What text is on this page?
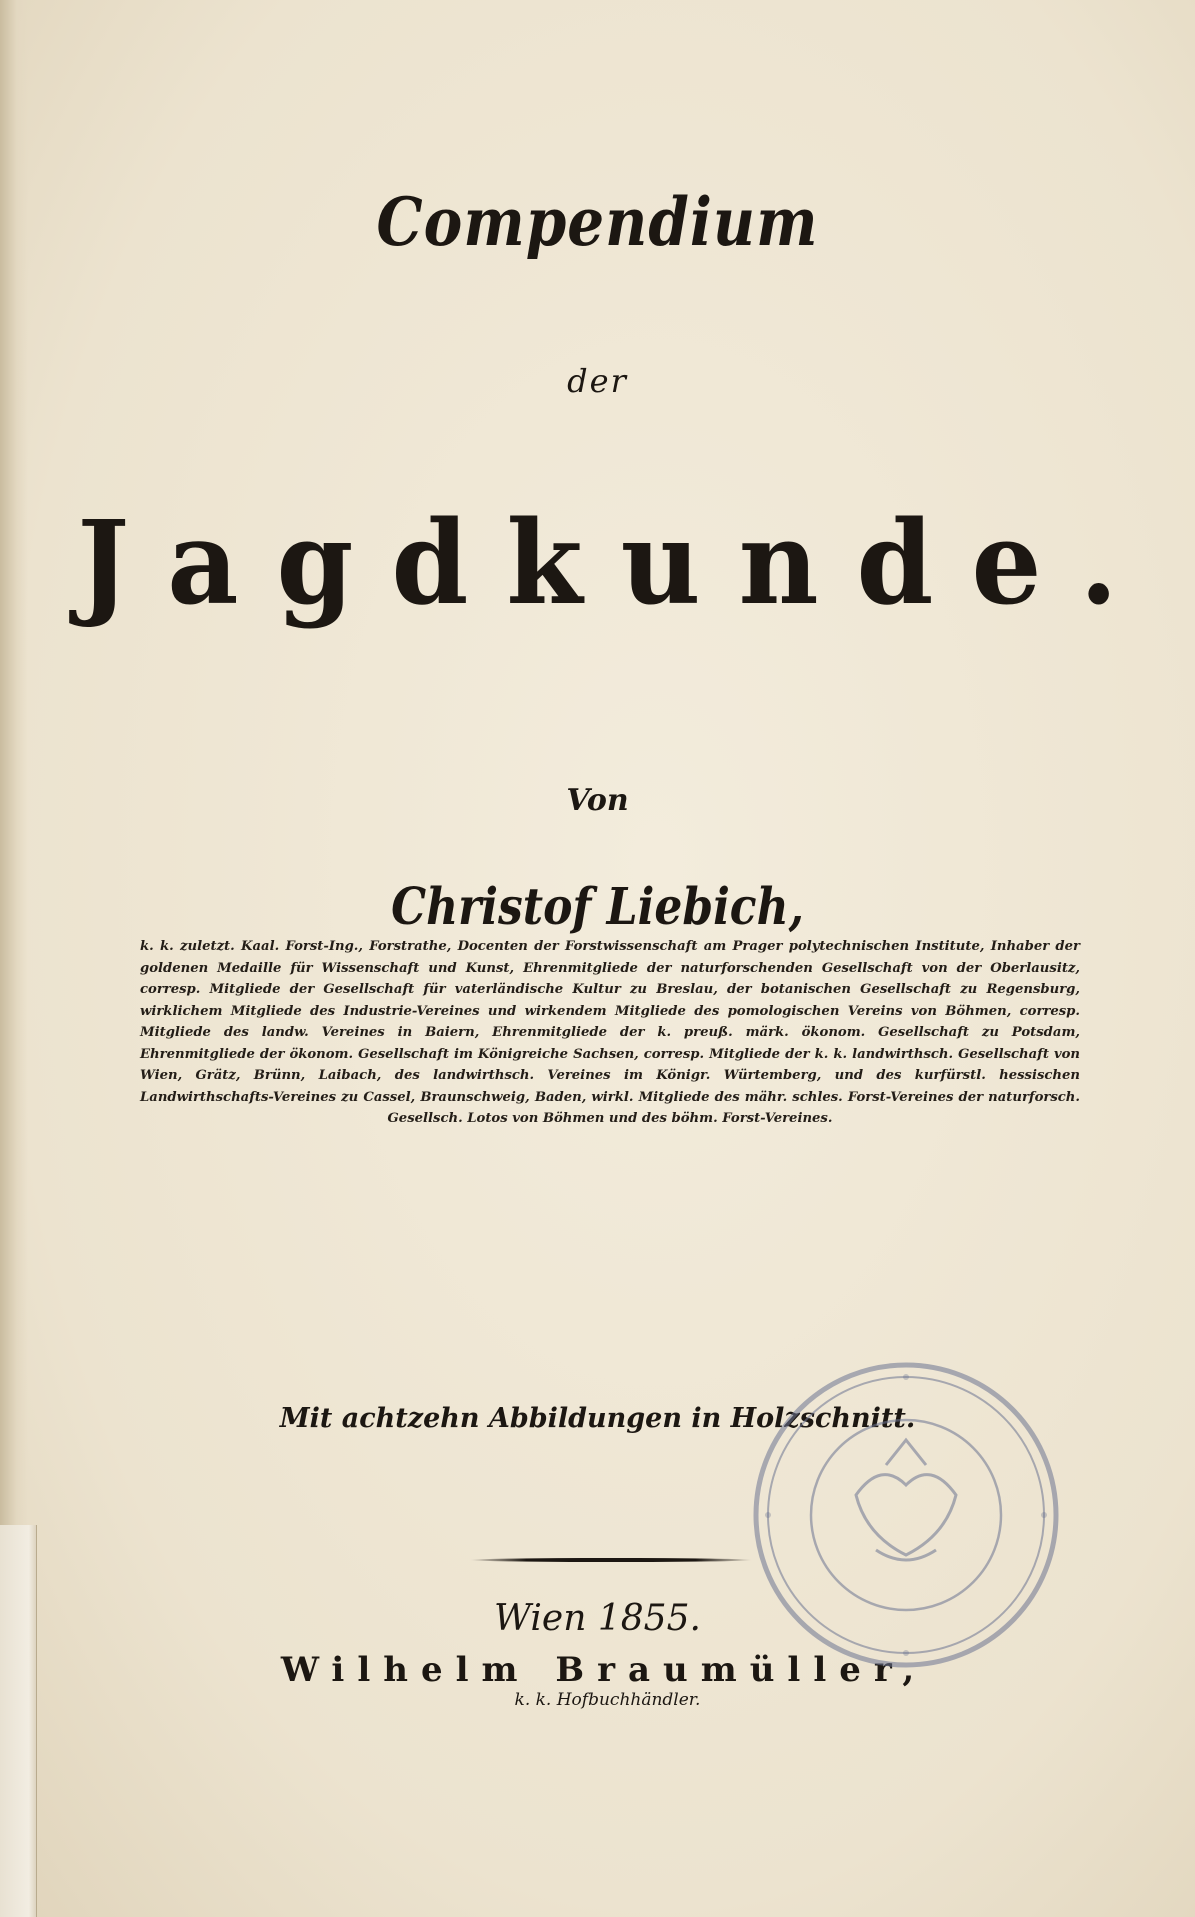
Compendium
der
Jagdkunde.
Von
Christof Liebich,
k. k. zuletzt. Kaal. Forst-Ing., Forstrathe, Docenten der Forstwissenschaft am Prager polytechnischen Institute, Inhaber der goldenen Medaille für Wissenschaft und Kunst, Ehrenmitgliede der naturforschenden Gesellschaft von der Oberlausitz, corresp. Mitgliede der Gesellschaft für vaterländische Kultur zu Breslau, der botanischen Gesellschaft zu Regensburg, wirklichem Mitgliede des Industrie-Vereines und wirkendem Mitgliede des pomologischen Vereins von Böhmen, corresp. Mitgliede des landw. Vereines in Baiern, Ehrenmitgliede der k. preuß. märk. ökonom. Gesellschaft zu Potsdam, Ehrenmitgliede der ökonom. Gesellschaft im Königreiche Sachsen, corresp. Mitgliede der k. k. landwirthsch. Gesellschaft von Wien, Grätz, Brünn, Laibach, des landwirthsch. Vereines im Königr. Würtemberg, und des kurfürstl. hessischen Landwirthschafts-Vereines zu Cassel, Braunschweig, Baden, wirkl. Mitgliede des mähr. schles. Forst-Vereines der naturforsch. Gesellsch. Lotos von Böhmen und des böhm. Forst-Vereines.
Mit achtzehn Abbildungen in Holzschnitt.
Wien 1855.
Wilhelm Braumüller,
k. k. Hofbuchhändler.
